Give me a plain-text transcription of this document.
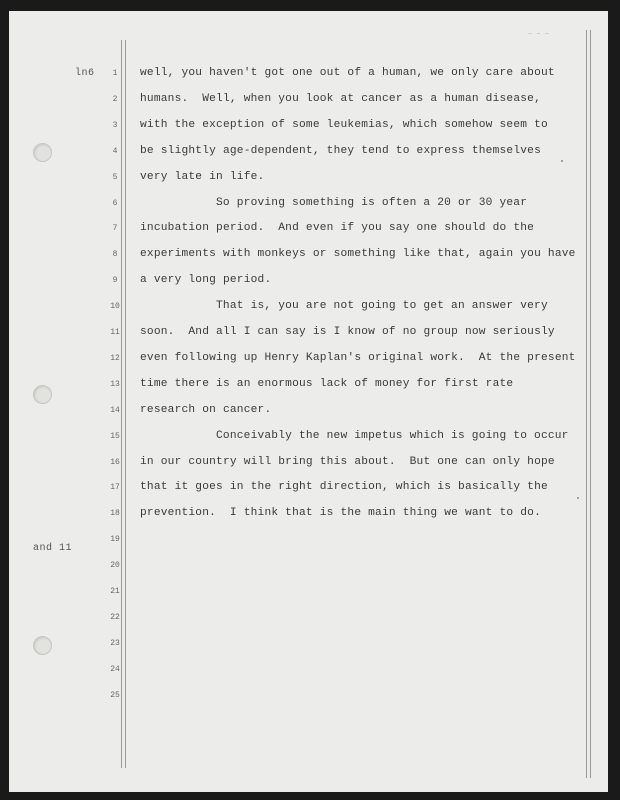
– – –
ln6
and 11
1
2
3
4
5
6
7
8
9
10
11
12
13
14
15
16
17
18
19
20
21
22
23
24
25
well, you haven't got one out of a human, we only care about
humans.  Well, when you look at cancer as a human disease,
with the exception of some leukemias, which somehow seem to
be slightly age-dependent, they tend to express themselves
very late in life.
So proving something is often a 20 or 30 year
incubation period.  And even if you say one should do the
experiments with monkeys or something like that, again you have
a very long period.
That is, you are not going to get an answer very
soon.  And all I can say is I know of no group now seriously
even following up Henry Kaplan's original work.  At the present
time there is an enormous lack of money for first rate
research on cancer.
Conceivably the new impetus which is going to occur
in our country will bring this about.  But one can only hope
that it goes in the right direction, which is basically the
prevention.  I think that is the main thing we want to do.
